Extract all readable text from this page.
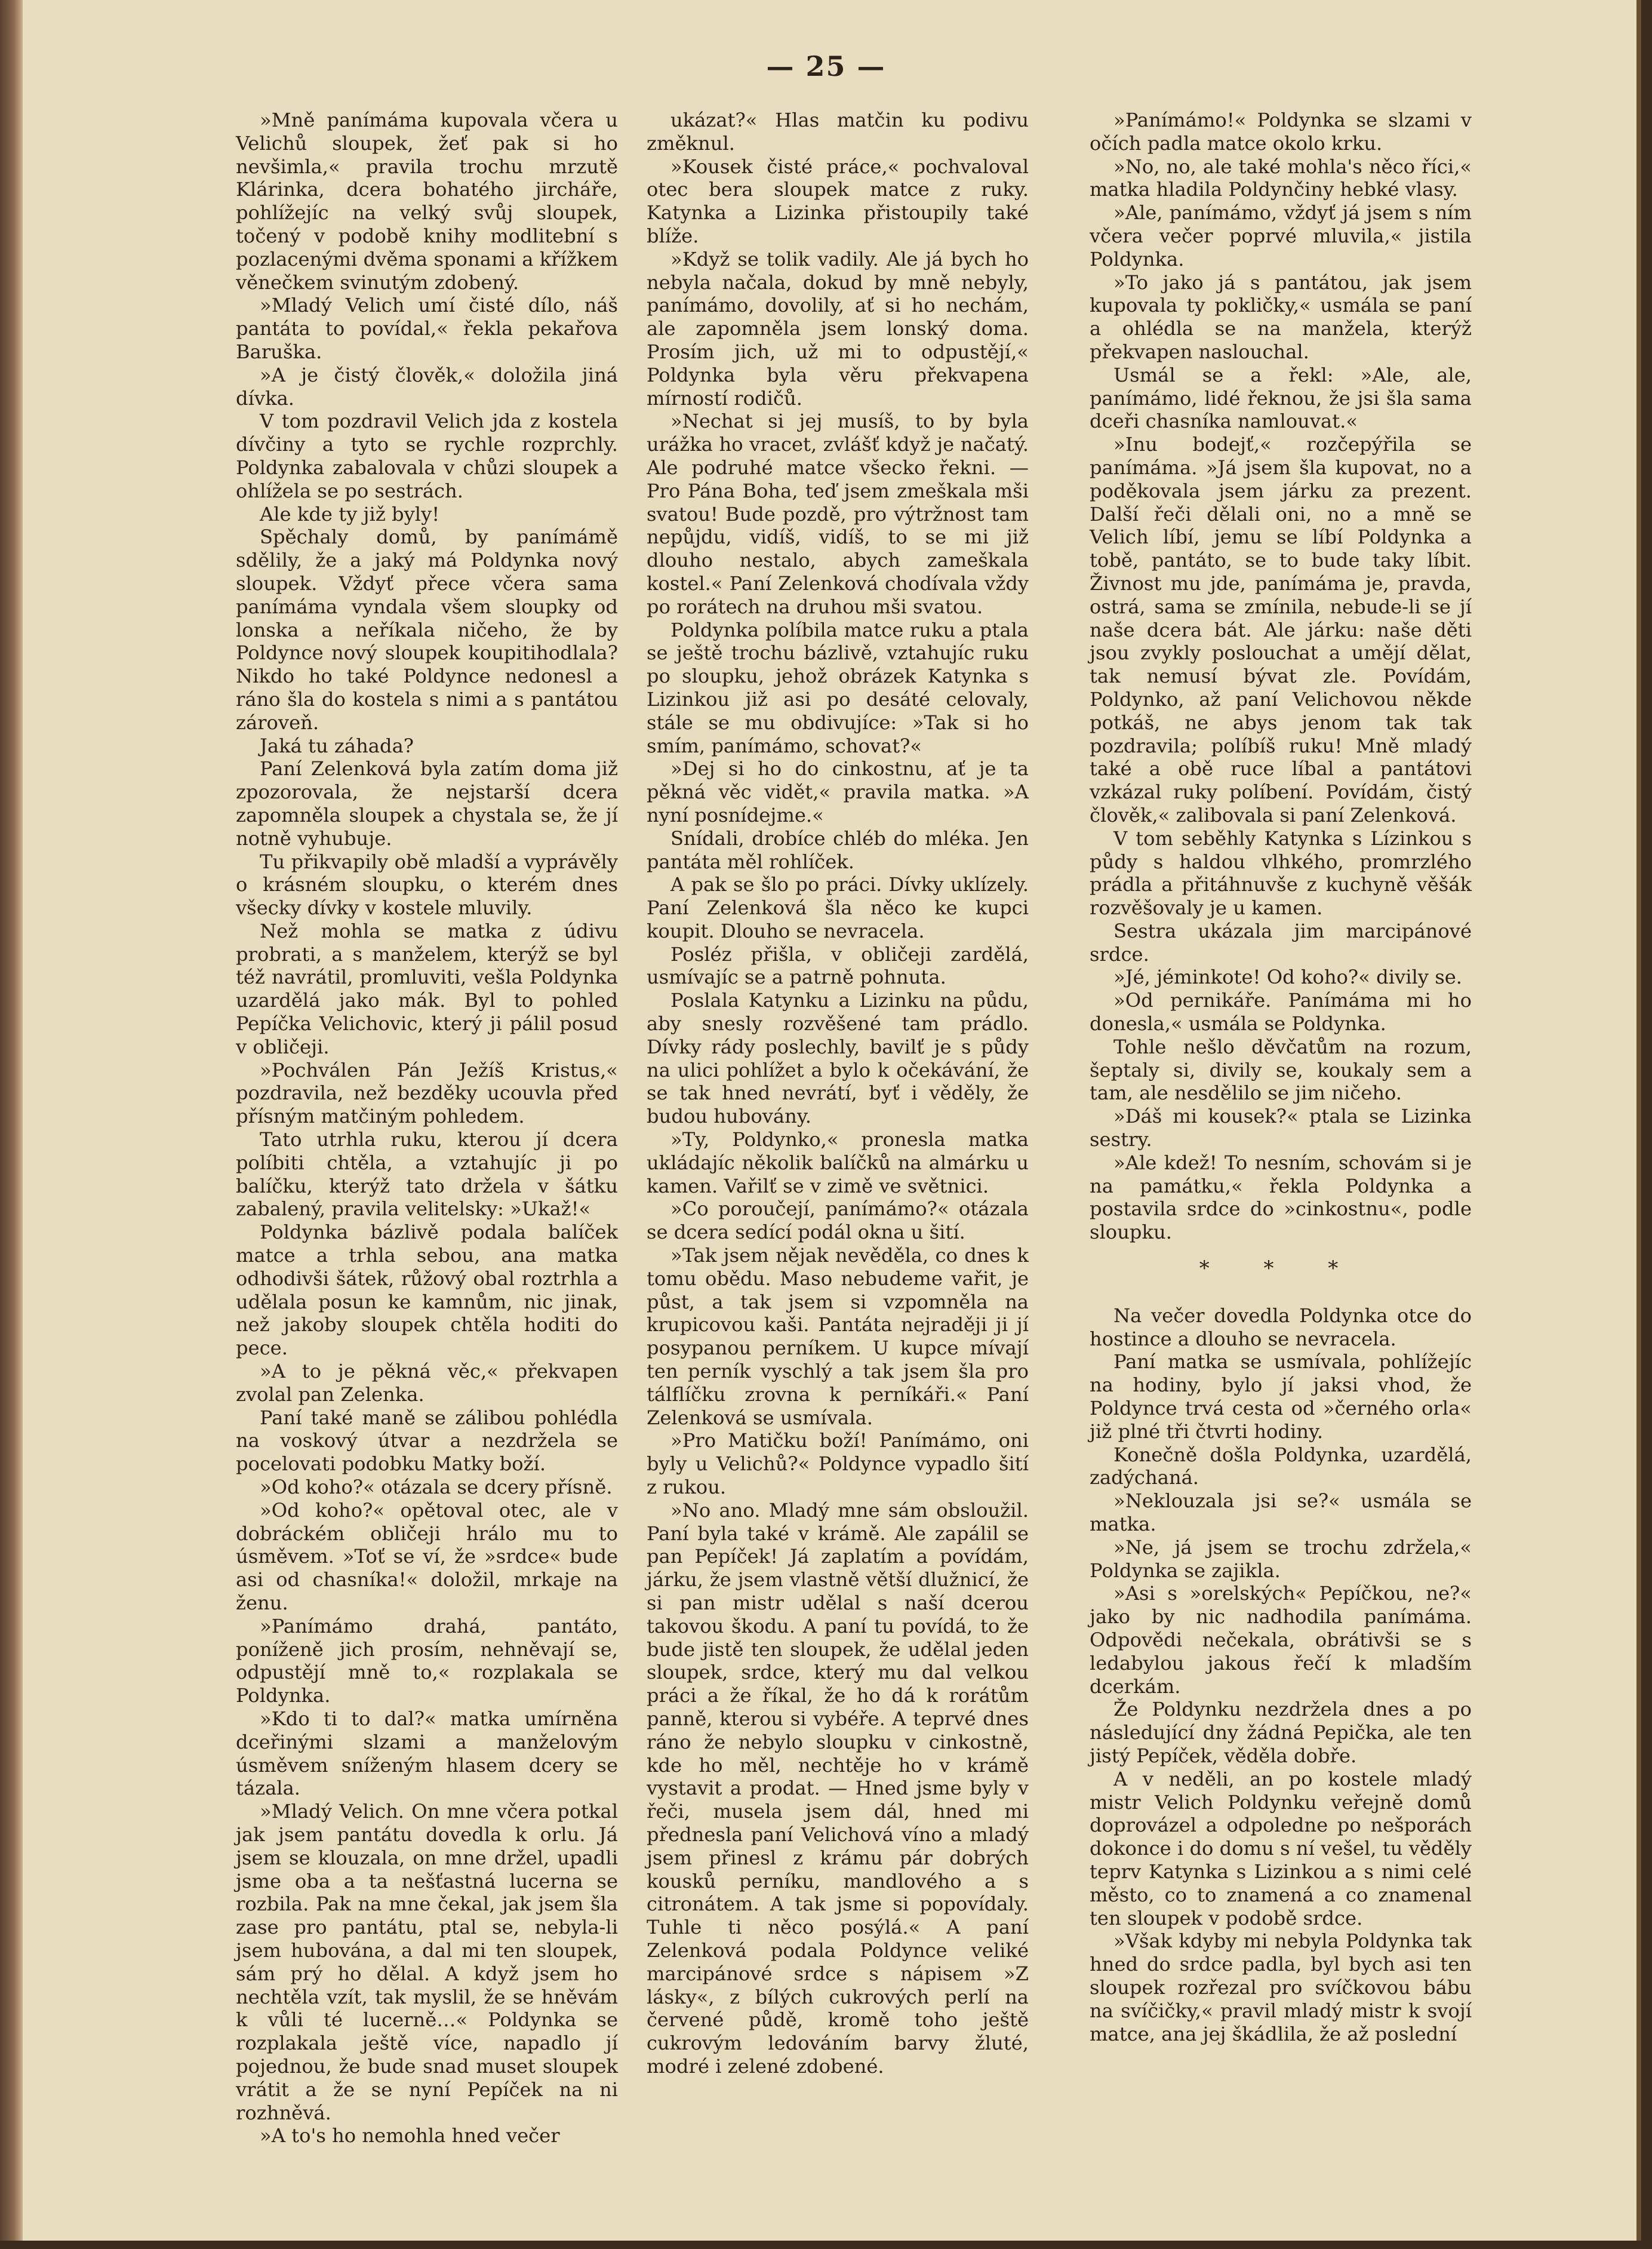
— 25 —

»Mně panímáma kupovala včera u Velichů sloupek, žeť pak si ho nevšimla,« pravila trochu mrzutě Klárinka, dcera bohatého jircháře, pohlížejíc na velký svůj sloupek, točený v podobě knihy modlitební s pozlacenými dvěma sponami a křížkem věnečkem svinutým zdobený.

»Mladý Velich umí čisté dílo, náš pantáta to povídal,« řekla pekařova Baruška.

»A je čistý člověk,« doložila jiná dívka.

V tom pozdravil Velich jda z kostela dívčiny a tyto se rychle rozprchly. Poldynka zabalovala v chůzi sloupek a ohlížela se po sestrách.

Ale kde ty již byly!

Spěchaly domů, by panímámě sdělily, že a jaký má Poldynka nový sloupek. Vždyť přece včera sama panímáma vyndala všem sloupky od lonska a neříkala ničeho, že by Poldynce nový sloupek koupitihodlala? Nikdo ho také Poldynce nedonesl a ráno šla do kostela s nimi a s pantátou zároveň.

Jaká tu záhada?

Paní Zelenková byla zatím doma již zpozorovala, že nejstarší dcera zapomněla sloupek a chystala se, že jí notně vyhubuje.

Tu přikvapily obě mladší a vyprávěly o krásném sloupku, o kterém dnes všecky dívky v kostele mluvily.

Než mohla se matka z údivu probrati, a s manželem, kterýž se byl též navrátil, promluviti, vešla Poldynka uzardělá jako mák. Byl to pohled Pepíčka Velichovic, který ji pálil posud v obličeji.

»Pochválen Pán Ježíš Kristus,« pozdravila, než bezděky ucouvla před přísným matčiným pohledem.

Tato utrhla ruku, kterou jí dcera políbiti chtěla, a vztahujíc ji po balíčku, kterýž tato držela v šátku zabalený, pravila velitelsky: »Ukaž!«

Poldynka bázlivě podala balíček matce a trhla sebou, ana matka odhodivši šátek, růžový obal roztrhla a udělala posun ke kamnům, nic jinak, než jakoby sloupek chtěla hoditi do pece.

»A to je pěkná věc,« překvapen zvolal pan Zelenka.

Paní také maně se zálibou pohlédla na voskový útvar a nezdržela se pocelovati podobku Matky boží.

»Od koho?« otázala se dcery přísně.

»Od koho?« opětoval otec, ale v dobráckém obličeji hrálo mu to úsměvem. »Toť se ví, že »srdce« bude asi od chasníka!« doložil, mrkaje na ženu.

»Panímámo drahá, pantáto, poníženě jich prosím, nehněvají se, odpustějí mně to,« rozplakala se Poldynka.

»Kdo ti to dal?« matka umírněna dceřinými slzami a manželovým úsměvem sníženým hlasem dcery se tázala.

»Mladý Velich. On mne včera potkal jak jsem pantátu dovedla k orlu. Já jsem se klouzala, on mne držel, upadli jsme oba a ta nešťastná lucerna se rozbila. Pak na mne čekal, jak jsem šla zase pro pantátu, ptal se, nebyla-li jsem hubována, a dal mi ten sloupek, sám prý ho dělal. A když jsem ho nechtěla vzít, tak myslil, že se hněvám k vůli té lucerně…« Poldynka se rozplakala ještě více, napadlo jí pojednou, že bude snad muset sloupek vrátit a že se nyní Pepíček na ni rozhněvá.

»A to's ho nemohla hned večer

ukázat?« Hlas matčin ku podivu změknul.

»Kousek čisté práce,« pochvaloval otec bera sloupek matce z ruky. Katynka a Lizinka přistoupily také blíže.

»Když se tolik vadily. Ale já bych ho nebyla načala, dokud by mně nebyly, panímámo, dovolily, ať si ho nechám, ale zapomněla jsem lonský doma. Prosím jich, už mi to odpustějí,« Poldynka byla věru překvapena mírností rodičů.

»Nechat si jej musíš, to by byla urážka ho vracet, zvlášť když je načatý. Ale podruhé matce všecko řekni. — Pro Pána Boha, teď jsem zmeškala mši svatou! Bude pozdě, pro výtržnost tam nepůjdu, vidíš, vidíš, to se mi již dlouho nestalo, abych zameškala kostel.« Paní Zelenková chodívala vždy po rorátech na druhou mši svatou.

Poldynka políbila matce ruku a ptala se ještě trochu bázlivě, vztahujíc ruku po sloupku, jehož obrázek Katynka s Lizinkou již asi po desáté celovaly, stále se mu obdivujíce: »Tak si ho smím, panímámo, schovat?«

»Dej si ho do cinkostnu, ať je ta pěkná věc vidět,« pravila matka. »A nyní posnídejme.«

Snídali, drobíce chléb do mléka. Jen pantáta měl rohlíček.

A pak se šlo po práci. Dívky uklízely. Paní Zelenková šla něco ke kupci koupit. Dlouho se nevracela.

Posléz přišla, v obličeji zardělá, usmívajíc se a patrně pohnuta.

Poslala Katynku a Lizinku na půdu, aby snesly rozvěšené tam prádlo. Dívky rády poslechly, bavilť je s půdy na ulici pohlížet a bylo k očekávání, že se tak hned nevrátí, byť i věděly, že budou hubovány.

»Ty, Poldynko,« pronesla matka ukládajíc několik balíčků na almárku u kamen. Vařilť se v zimě ve světnici.

»Co poroučejí, panímámo?« otázala se dcera sedící podál okna u šití.

»Tak jsem nějak nevěděla, co dnes k tomu obědu. Maso nebudeme vařit, je půst, a tak jsem si vzpomněla na krupicovou kaši. Pantáta nejraději ji jí posypanou perníkem. U kupce mívají ten perník vyschlý a tak jsem šla pro tálflíčku zrovna k perníkáři.« Paní Zelenková se usmívala.

»Pro Matičku boží! Panímámo, oni byly u Velichů?« Poldynce vypadlo šití z rukou.

»No ano. Mladý mne sám obsloužil. Paní byla také v krámě. Ale zapálil se pan Pepíček! Já zaplatím a povídám, járku, že jsem vlastně větší dlužnicí, že si pan mistr udělal s naší dcerou takovou škodu. A paní tu povídá, to že bude jistě ten sloupek, že udělal jeden sloupek, srdce, který mu dal velkou práci a že říkal, že ho dá k rorátům panně, kterou si vybéře. A teprvé dnes ráno že nebylo sloupku v cinkostně, kde ho měl, nechtěje ho v krámě vystavit a prodat. — Hned jsme byly v řeči, musela jsem dál, hned mi přednesla paní Velichová víno a mladý jsem přinesl z krámu pár dobrých kousků perníku, mandlového a s citronátem. A tak jsme si popovídaly. Tuhle ti něco posýlá.« A paní Zelenková podala Poldynce veliké marcipánové srdce s nápisem »Z lásky«, z bílých cukrových perlí na červené půdě, kromě toho ještě cukrovým ledováním barvy žluté, modré i zelené zdobené.

»Panímámo!« Poldynka se slzami v očích padla matce okolo krku.

»No, no, ale také mohla's něco říci,« matka hladila Poldynčiny hebké vlasy.

»Ale, panímámo, vždyť já jsem s ním včera večer poprvé mluvila,« jistila Poldynka.

»To jako já s pantátou, jak jsem kupovala ty pokličky,« usmála se paní a ohlédla se na manžela, kterýž překvapen naslouchal.

Usmál se a řekl: »Ale, ale, panímámo, lidé řeknou, že jsi šla sama dceři chasníka namlouvat.«

»Inu bodejť,« rozčepýřila se panímáma. »Já jsem šla kupovat, no a poděkovala jsem járku za prezent. Další řeči dělali oni, no a mně se Velich líbí, jemu se líbí Poldynka a tobě, pantáto, se to bude taky líbit. Živnost mu jde, panímáma je, pravda, ostrá, sama se zmínila, nebude-li se jí naše dcera bát. Ale járku: naše děti jsou zvykly poslouchat a umějí dělat, tak nemusí bývat zle. Povídám, Poldynko, až paní Velichovou někde potkáš, ne abys jenom tak tak pozdravila; políbíš ruku! Mně mladý také a obě ruce líbal a pantátovi vzkázal ruky políbení. Povídám, čistý člověk,« zalibovala si paní Zelenková.

V tom seběhly Katynka s Lízinkou s půdy s haldou vlhkého, promrzlého prádla a přitáhnuvše z kuchyně věšák rozvěšovaly je u kamen.

Sestra ukázala jim marcipánové srdce.

»Jé, jéminkote! Od koho?« divily se.

»Od pernikáře. Panímáma mi ho donesla,« usmála se Poldynka.

Tohle nešlo děvčatům na rozum, šeptaly si, divily se, koukaly sem a tam, ale nesdělilo se jim ničeho.

»Dáš mi kousek?« ptala se Lizinka sestry.

»Ale kdež! To nesním, schovám si je na památku,« řekla Poldynka a postavila srdce do »cinkostnu«, podle sloupku.

* * *

Na večer dovedla Poldynka otce do hostince a dlouho se nevracela.

Paní matka se usmívala, pohlížejíc na hodiny, bylo jí jaksi vhod, že Poldynce trvá cesta od »černého orla« již plné tři čtvrti hodiny.

Konečně došla Poldynka, uzardělá, zadýchaná.

»Neklouzala jsi se?« usmála se matka.

»Ne, já jsem se trochu zdržela,« Poldynka se zajikla.

»Asi s »orelských« Pepíčkou, ne?« jako by nic nadhodila panímáma. Odpovědi nečekala, obrátivši se s ledabylou jakous řečí k mladším dcerkám.

Že Poldynku nezdržela dnes a po následující dny žádná Pepička, ale ten jistý Pepíček, věděla dobře.

A v neděli, an po kostele mladý mistr Velich Poldynku veřejně domů doprovázel a odpoledne po nešporách dokonce i do domu s ní vešel, tu věděly teprv Katynka s Lizinkou a s nimi celé město, co to znamená a co znamenal ten sloupek v podobě srdce.

»Však kdyby mi nebyla Poldynka tak hned do srdce padla, byl bych asi ten sloupek rozřezal pro svíčkovou bábu na svíčičky,« pravil mladý mistr k svojí matce, ana jej škádlila, že až poslední
